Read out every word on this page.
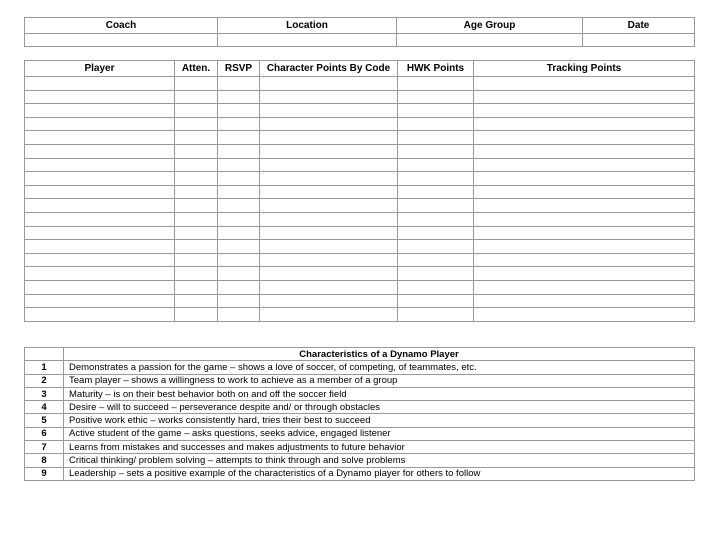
Coach	Location	Age Group	Date

Player	Atten.	RSVP	Character Points By Code	HWK Points	Tracking Points

	Characteristics of a Dynamo Player
1	Demonstrates a passion for the game – shows a love of soccer, of competing, of teammates, etc.
2	Team player – shows a willingness to work to achieve as a member of a group
3	Maturity – is on their best behavior both on and off the soccer field
4	Desire – will to succeed – perseverance despite and/ or through obstacles
5	Positive work ethic – works consistently hard, tries their best to succeed
6	Active student of the game – asks questions, seeks advice, engaged listener
7	Learns from mistakes and successes and makes adjustments to future behavior
8	Critical thinking/ problem solving – attempts to think through and solve problems
9	Leadership – sets a positive example of the characteristics of a Dynamo player for others to follow
